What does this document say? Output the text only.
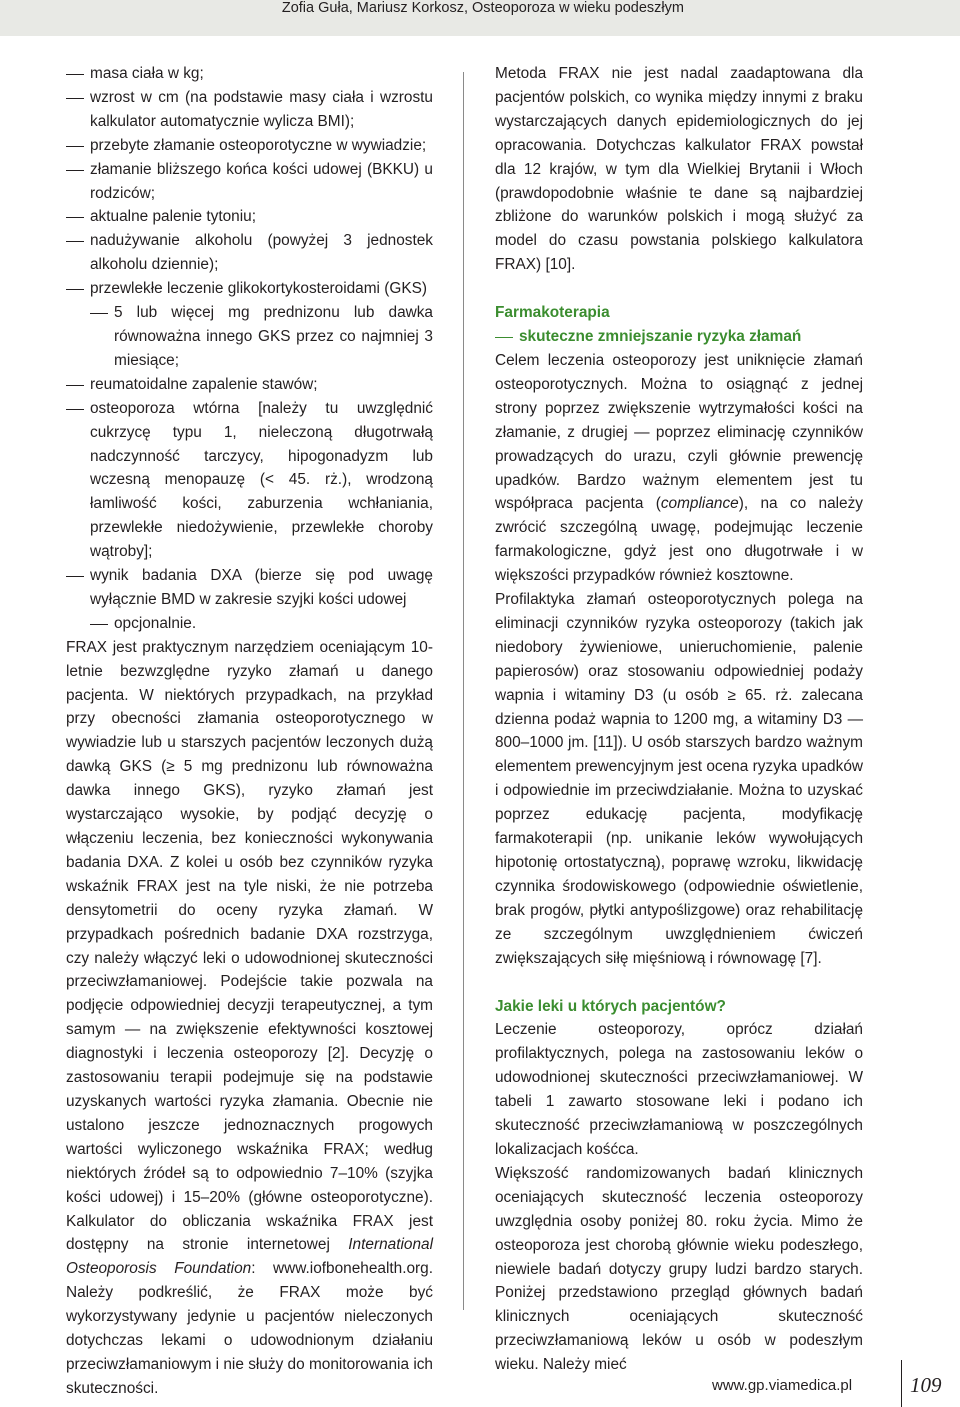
Zofia Guła, Mariusz Korkosz, Osteoporoza w wieku podeszłym
masa ciała w kg;
wzrost w cm (na podstawie masy ciała i wzrostu kalkulator automatycznie wylicza BMI);
przebyte złamanie osteoporotyczne w wywiadzie;
złamanie bliższego końca kości udowej (BKKU) u rodziców;
aktualne palenie tytoniu;
nadużywanie alkoholu (powyżej 3 jednostek alkoholu dziennie);
przewlekłe leczenie glikokortykosteroidami (GKS)
5 lub więcej mg prednizonu lub dawka równoważna innego GKS przez co najmniej 3 miesiące;
reumatoidalne zapalenie stawów;
osteoporoza wtórna [należy tu uwzględnić cukrzycę typu 1, nieleczoną długotrwałą nadczynność tarczycy, hipogonadyzm lub wczesną menopauzę (< 45. rż.), wrodzoną łamliwość kości, zaburzenia wchłaniania, przewlekłe niedożywienie, przewlekłe choroby wątroby];
wynik badania DXA (bierze się pod uwagę wyłącznie BMD w zakresie szyjki kości udowej
opcjonalnie.

FRAX jest praktycznym narzędziem oceniającym 10-letnie bezwzględne ryzyko złamań u danego pacjenta. W niektórych przypadkach, na przykład przy obecności złamania osteoporotycznego w wywiadzie lub u starszych pacjentów leczonych dużą dawką GKS (≥ 5 mg prednizonu lub równoważna dawka innego GKS), ryzyko złamań jest wystarczająco wysokie, by podjąć decyzję o włączeniu leczenia, bez konieczności wykonywania badania DXA. Z kolei u osób bez czynników ryzyka wskaźnik FRAX jest na tyle niski, że nie potrzeba densytometrii do oceny ryzyka złamań. W przypadkach pośrednich badanie DXA rozstrzyga, czy należy włączyć leki o udowodnionej skuteczności przeciwzłamaniowej. Podejście takie pozwala na podjęcie odpowiedniej decyzji terapeutycznej, a tym samym — na zwiększenie efektywności kosztowej diagnostyki i leczenia osteoporozy [2]. Decyzję o zastosowaniu terapii podejmuje się na podstawie uzyskanych wartości ryzyka złamania. Obecnie nie ustalono jeszcze jednoznacznych progowych wartości wyliczonego wskaźnika FRAX; według niektórych źródeł są to odpowiednio 7–10% (szyjka kości udowej) i 15–20% (główne osteoporotyczne). Kalkulator do obliczania wskaźnika FRAX jest dostępny na stronie internetowej International Osteoporosis Foundation: www.iofbonehealth.org. Należy podkreślić, że FRAX może być wykorzystywany jedynie u pacjentów nieleczonych dotychczas lekami o udowodnionym działaniu przeciwzłamaniowym i nie służy do monitorowania ich skuteczności.

Metoda FRAX nie jest nadal zaadaptowana dla pacjentów polskich, co wynika między innymi z braku wystarczających danych epidemiologicznych do jej opracowania. Dotychczas kalkulator FRAX powstał dla 12 krajów, w tym dla Wielkiej Brytanii i Włoch (prawdopodobnie właśnie te dane są najbardziej zbliżone do warunków polskich i mogą służyć za model do czasu powstania polskiego kalkulatora FRAX) [10].

Farmakoterapia

skuteczne zmniejszanie ryzyka złamań

Celem leczenia osteoporozy jest uniknięcie złamań osteoporotycznych. Można to osiągnąć z jednej strony poprzez zwiększenie wytrzymałości kości na złamanie, z drugiej — poprzez eliminację czynników prowadzących do urazu, czyli głównie prewencję upadków. Bardzo ważnym elementem jest tu współpraca pacjenta (compliance), na co należy zwrócić szczególną uwagę, podejmując leczenie farmakologiczne, gdyż jest ono długotrwałe i w większości przypadków również kosztowne.

Profilaktyka złamań osteoporotycznych polega na eliminacji czynników ryzyka osteoporozy (takich jak niedobory żywieniowe, unieruchomienie, palenie papierosów) oraz stosowaniu odpowiedniej podaży wapnia i witaminy D3 (u osób ≥ 65. rż. zalecana dzienna podaż wapnia to 1200 mg, a witaminy D3 — 800–1000 jm. [11]). U osób starszych bardzo ważnym elementem prewencyjnym jest ocena ryzyka upadków i odpowiednie im przeciwdziałanie. Można to uzyskać poprzez edukację pacjenta, modyfikację farmakoterapii (np. unikanie leków wywołujących hipotonię ortostatyczną), poprawę wzroku, likwidację czynnika środowiskowego (odpowiednie oświetlenie, brak progów, płytki antypoślizgowe) oraz rehabilitację ze szczególnym uwzględnieniem ćwiczeń zwiększających siłę mięśniową i równowagę [7].

Jakie leki u których pacjentów?

Leczenie osteoporozy, oprócz działań profilaktycznych, polega na zastosowaniu leków o udowodnionej skuteczności przeciwzłamaniowej. W tabeli 1 zawarto stosowane leki i podano ich skuteczność przeciwzłamaniową w poszczególnych lokalizacjach kośćca.

Większość randomizowanych badań klinicznych oceniających skuteczność leczenia osteoporozy uwzględnia osoby poniżej 80. roku życia. Mimo że osteoporoza jest chorobą głównie wieku podeszłego, niewiele badań dotyczy grupy ludzi bardzo starych. Poniżej przedstawiono przegląd głównych badań klinicznych oceniających skuteczność przeciwzłamaniową leków u osób w podeszłym wieku. Należy mieć

www.gp.viamedica.pl	109
